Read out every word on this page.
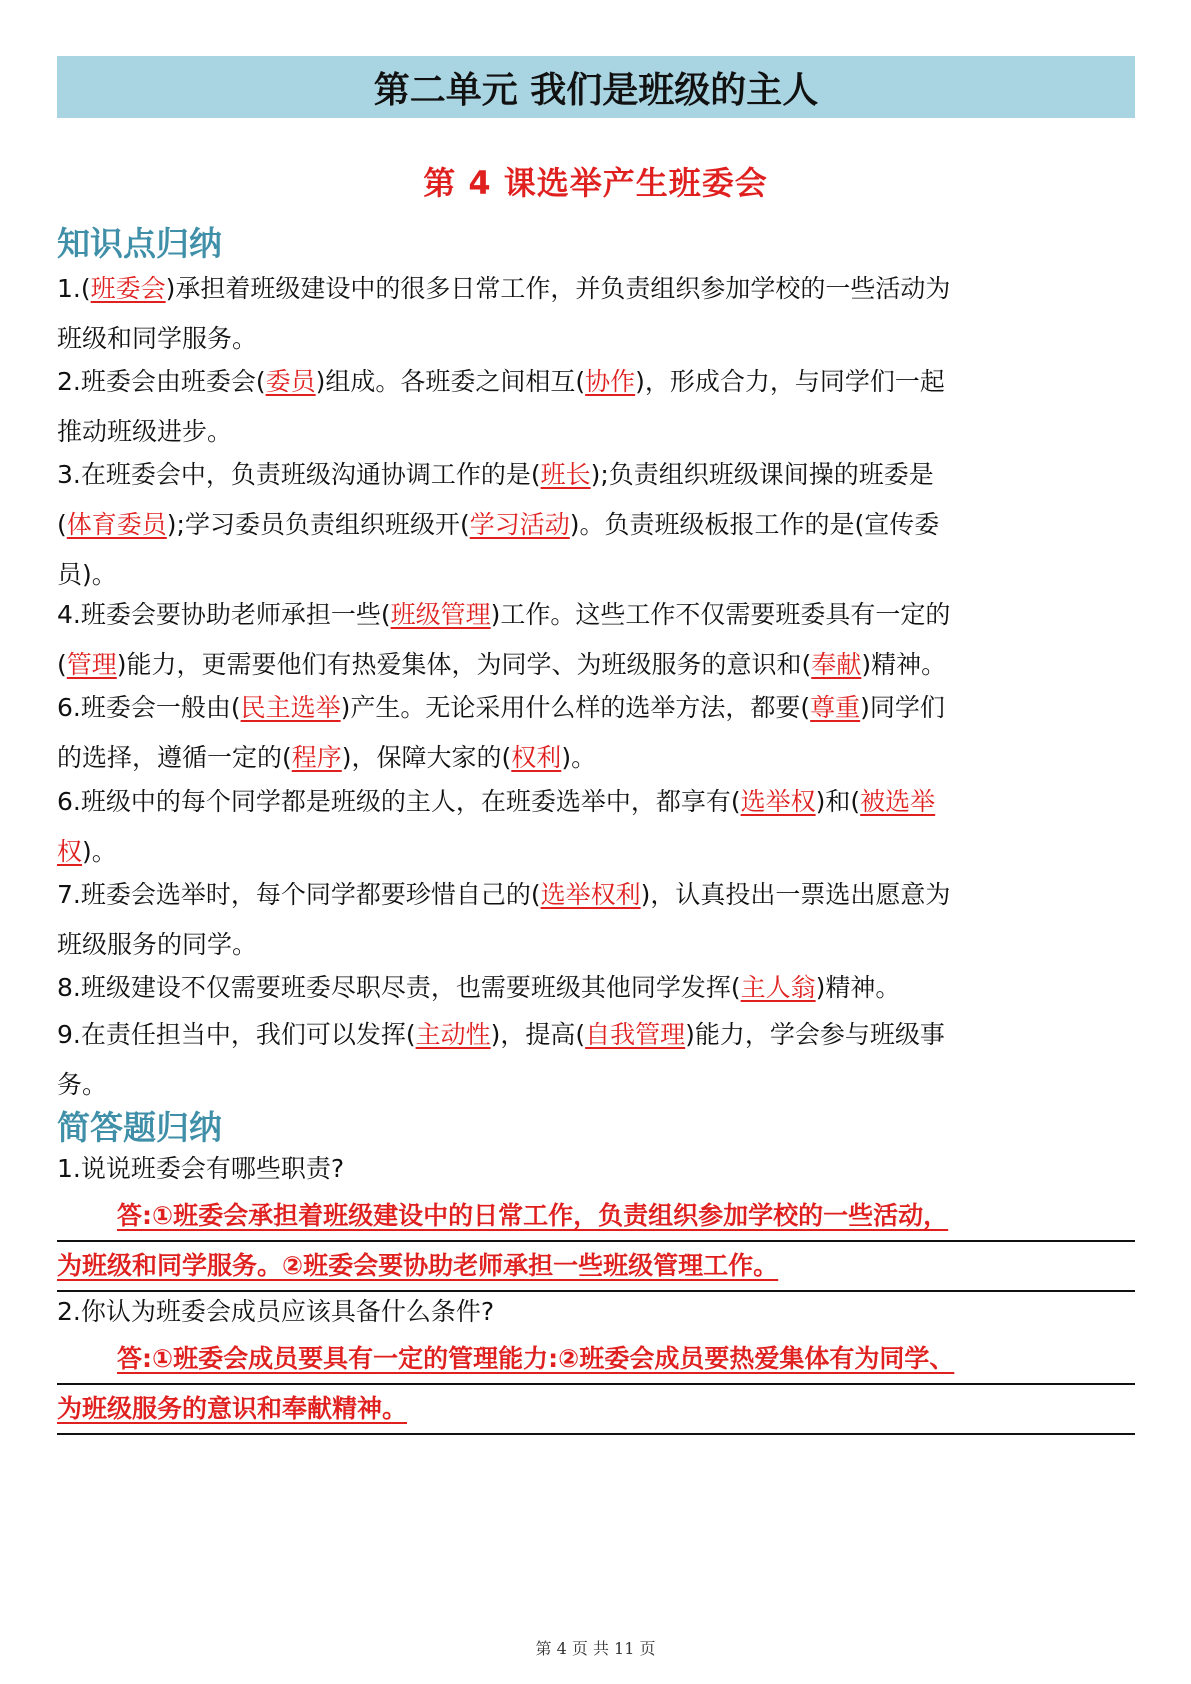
第二单元 我们是班级的主人
第 4 课选举产生班委会
知识点归纳
1.(班委会)承担着班级建设中的很多日常工作，并负责组织参加学校的一些活动为
班级和同学服务。
2.班委会由班委会(委员)组成。各班委之间相互(协作)，形成合力，与同学们一起
推动班级进步。
3.在班委会中，负责班级沟通协调工作的是(班长);负责组织班级课间操的班委是
(体育委员);学习委员负责组织班级开(学习活动)。负责班级板报工作的是(宣传委
员)。
4.班委会要协助老师承担一些(班级管理)工作。这些工作不仅需要班委具有一定的
(管理)能力，更需要他们有热爱集体，为同学、为班级服务的意识和(奉献)精神。
6.班委会一般由(民主选举)产生。无论采用什么样的选举方法，都要(尊重)同学们
的选择，遵循一定的(程序)，保障大家的(权利)。
6.班级中的每个同学都是班级的主人，在班委选举中，都享有(选举权)和(被选举
权)。
7.班委会选举时，每个同学都要珍惜自己的(选举权利)，认真投出一票选出愿意为
班级服务的同学。
8.班级建设不仅需要班委尽职尽责，也需要班级其他同学发挥(主人翁)精神。
9.在责任担当中，我们可以发挥(主动性)，提高(自我管理)能力，学会参与班级事
务。
简答题归纳
1.说说班委会有哪些职责?
答:①班委会承担着班级建设中的日常工作，负责组织参加学校的一些活动，
为班级和同学服务。②班委会要协助老师承担一些班级管理工作。
2.你认为班委会成员应该具备什么条件?
答:①班委会成员要具有一定的管理能力:②班委会成员要热爱集体有为同学、
为班级服务的意识和奉献精神。
第 4 页 共 11 页
